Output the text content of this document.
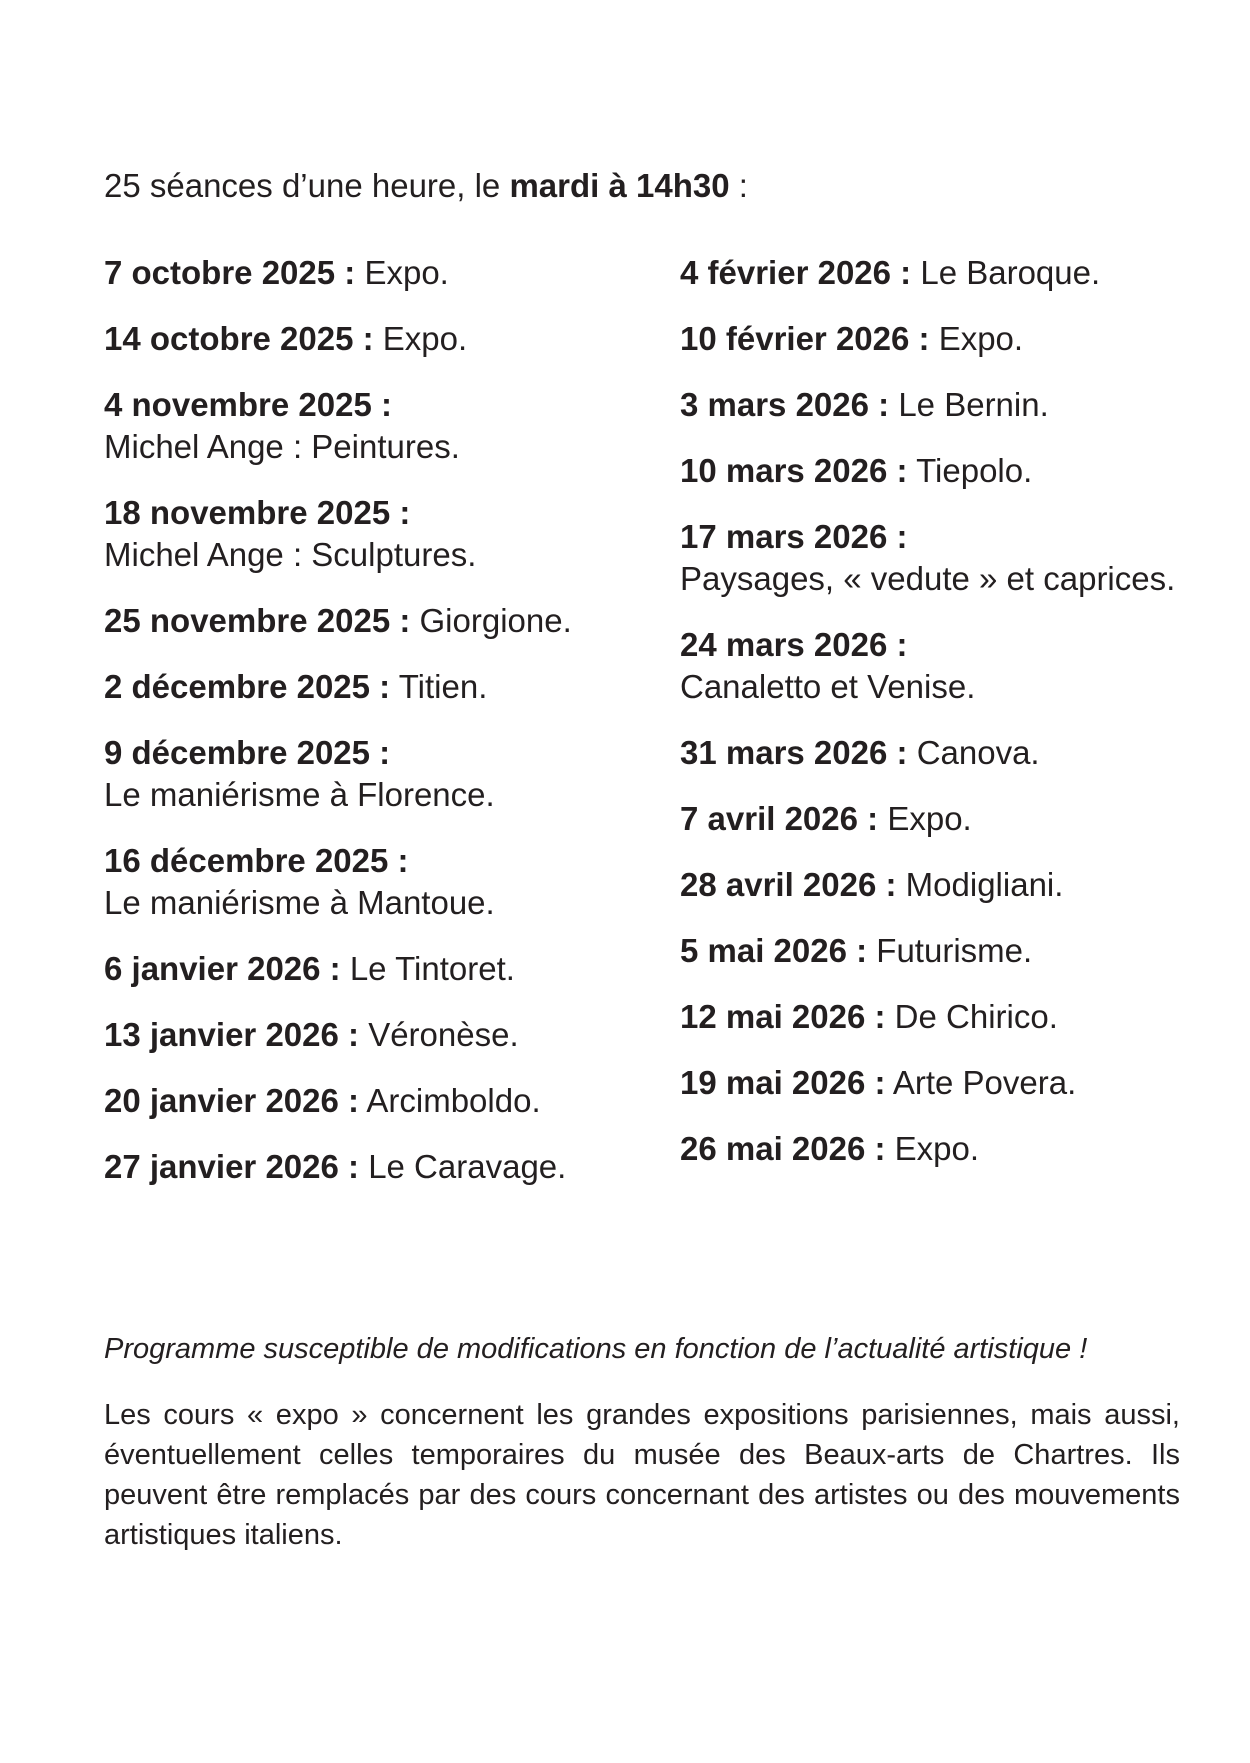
25 séances d’une heure, le mardi à 14h30 :
7 octobre 2025 : Expo.
14 octobre 2025 : Expo.
4 novembre 2025 :
Michel Ange : Peintures.
18 novembre 2025 :
Michel Ange : Sculptures.
25 novembre 2025 : Giorgione.
2 décembre 2025 : Titien.
9 décembre 2025 :
Le maniérisme à Florence.
16 décembre 2025 :
Le maniérisme à Mantoue.
6 janvier 2026 : Le Tintoret.
13 janvier 2026 : Véronèse.
20 janvier 2026 : Arcimboldo.
27 janvier 2026 : Le Caravage.
4 février 2026 : Le Baroque.
10 février 2026 : Expo.
3 mars 2026 : Le Bernin.
10 mars 2026 : Tiepolo.
17 mars 2026 :
Paysages, « vedute » et caprices.
24 mars 2026 :
Canaletto et Venise.
31 mars 2026 : Canova.
7 avril 2026 : Expo.
28 avril 2026 : Modigliani.
5 mai 2026 : Futurisme.
12 mai 2026 : De Chirico.
19 mai 2026 : Arte Povera.
26 mai 2026 : Expo.
Programme susceptible de modifications en fonction de l’actualité artistique !
Les cours « expo » concernent les grandes expositions parisiennes, mais aussi, éventuellement celles temporaires du musée des Beaux-arts de Chartres. Ils peuvent être remplacés par des cours concernant des artistes ou des mouvements artistiques italiens.
